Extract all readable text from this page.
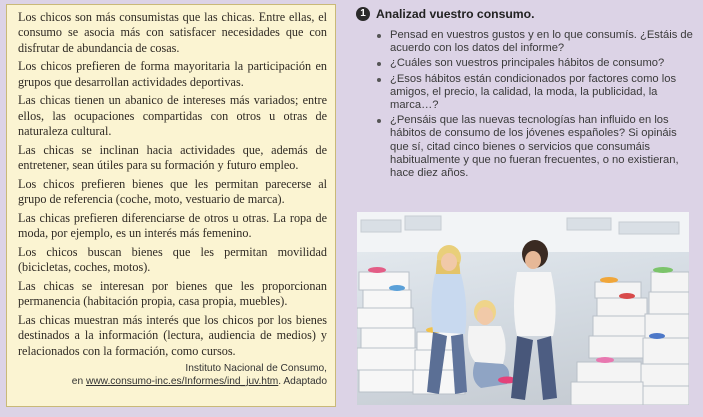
Los chicos son más consumistas que las chicas. Entre ellas, el consumo se asocia más con satisfacer necesidades que con disfrutar de abundancia de cosas.

Los chicos prefieren de forma mayoritaria la participación en grupos que desarrollan actividades deportivas.

Las chicas tienen un abanico de intereses más variados; entre ellos, las ocupaciones compartidas con otros u otras de naturaleza cultural.

Las chicas se inclinan hacia actividades que, además de entretener, sean útiles para su formación y futuro empleo.

Los chicos prefieren bienes que les permitan parecerse al grupo de referencia (coche, moto, vestuario de marca).

Las chicas prefieren diferenciarse de otros u otras. La ropa de moda, por ejemplo, es un interés más femenino.

Los chicos buscan bienes que les permitan movilidad (bicicletas, coches, motos).

Las chicas se interesan por bienes que les proporcionan permanencia (habitación propia, casa propia, muebles).

Las chicas muestran más interés que los chicos por los bienes destinados a la información (lectura, audiencia de medios) y relacionados con la formación, como cursos.

Instituto Nacional de Consumo,
en www.consumo-inc.es/Informes/ind_juv.htm. Adaptado
1 Analizad vuestro consumo.
Pensad en vuestros gustos y en lo que consumís. ¿Estáis de acuerdo con los datos del informe?
¿Cuáles son vuestros principales hábitos de consumo?
¿Esos hábitos están condicionados por factores como los amigos, el precio, la calidad, la moda, la publicidad, la marca…?
¿Pensáis que las nuevas tecnologías han influido en los hábitos de consumo de los jóvenes españoles? Si opináis que sí, citad cinco bienes o servicios que consumáis habitualmente y que no fueran frecuentes, o no existieran, hace diez años.
